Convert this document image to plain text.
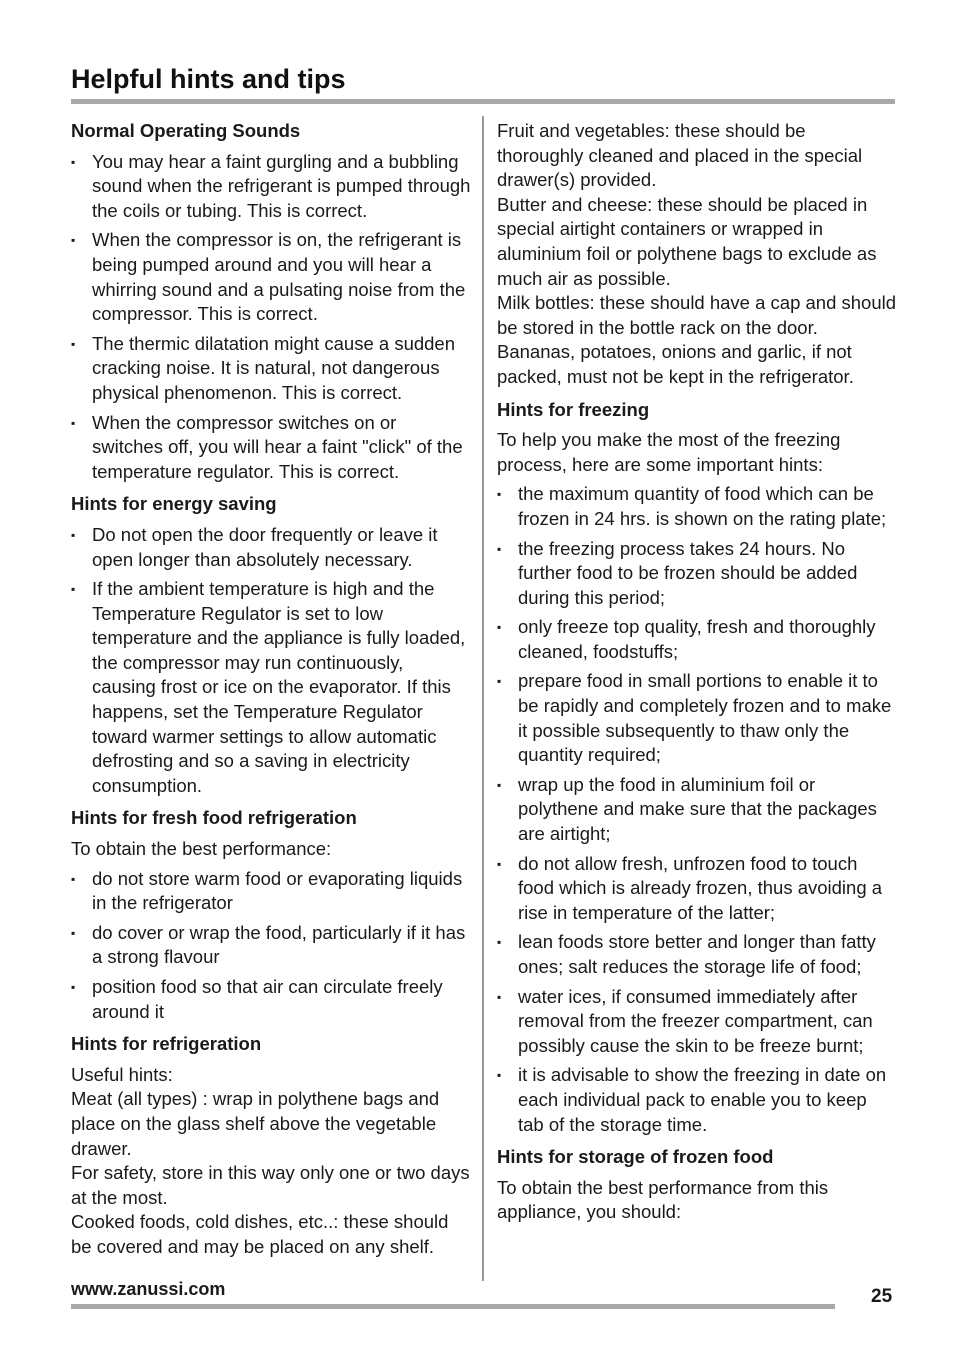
Helpful hints and tips
Normal Operating Sounds
▪ You may hear a faint gurgling and a bubbling sound when the refrigerant is pumped through the coils or tubing. This is correct.
▪ When the compressor is on, the refrigerant is being pumped around and you will hear a whirring sound and a pulsating noise from the compressor. This is correct.
▪ The thermic dilatation might cause a sudden cracking noise. It is natural, not dangerous physical phenomenon. This is correct.
▪ When the compressor switches on or switches off, you will hear a faint "click" of the temperature regulator. This is correct.
Hints for energy saving
▪ Do not open the door frequently or leave it open longer than absolutely necessary.
▪ If the ambient temperature is high and the Temperature Regulator is set to low temperature and the appliance is fully loaded, the compressor may run continuously, causing frost or ice on the evaporator. If this happens, set the Temperature Regulator toward warmer settings to allow automatic defrosting and so a saving in electricity consumption.
Hints for fresh food refrigeration

To obtain the best performance:

▪ do not store warm food or evaporating liquids in the refrigerator
▪ do cover or wrap the food, particularly if it has a strong flavour
▪ position food so that air can circulate freely around it
Hints for refrigeration

Useful hints:

Meat (all types) : wrap in polythene bags and place on the glass shelf above the vegetable drawer.

For safety, store in this way only one or two days at the most.

Cooked foods, cold dishes, etc..: these should be covered and may be placed on any shelf.

Fruit and vegetables: these should be thoroughly cleaned and placed in the special drawer(s) provided.

Butter and cheese: these should be placed in special airtight containers or wrapped in aluminium foil or polythene bags to exclude as much air as possible.

Milk bottles: these should have a cap and should be stored in the bottle rack on the door.

Bananas, potatoes, onions and garlic, if not packed, must not be kept in the refrigerator.

Hints for freezing

To help you make the most of the freezing process, here are some important hints:

▪ the maximum quantity of food which can be frozen in 24 hrs. is shown on the rating plate;
▪ the freezing process takes 24 hours. No further food to be frozen should be added during this period;
▪ only freeze top quality, fresh and thoroughly cleaned, foodstuffs;
▪ prepare food in small portions to enable it to be rapidly and completely frozen and to make it possible subsequently to thaw only the quantity required;
▪ wrap up the food in aluminium foil or polythene and make sure that the packages are airtight;
▪ do not allow fresh, unfrozen food to touch food which is already frozen, thus avoiding a rise in temperature of the latter;
▪ lean foods store better and longer than fatty ones; salt reduces the storage life of food;
▪ water ices, if consumed immediately after removal from the freezer compartment, can possibly cause the skin to be freeze burnt;
▪ it is advisable to show the freezing in date on each individual pack to enable you to keep tab of the storage time.
Hints for storage of frozen food

To obtain the best performance from this appliance, you should:

www.zanussi.com	25
